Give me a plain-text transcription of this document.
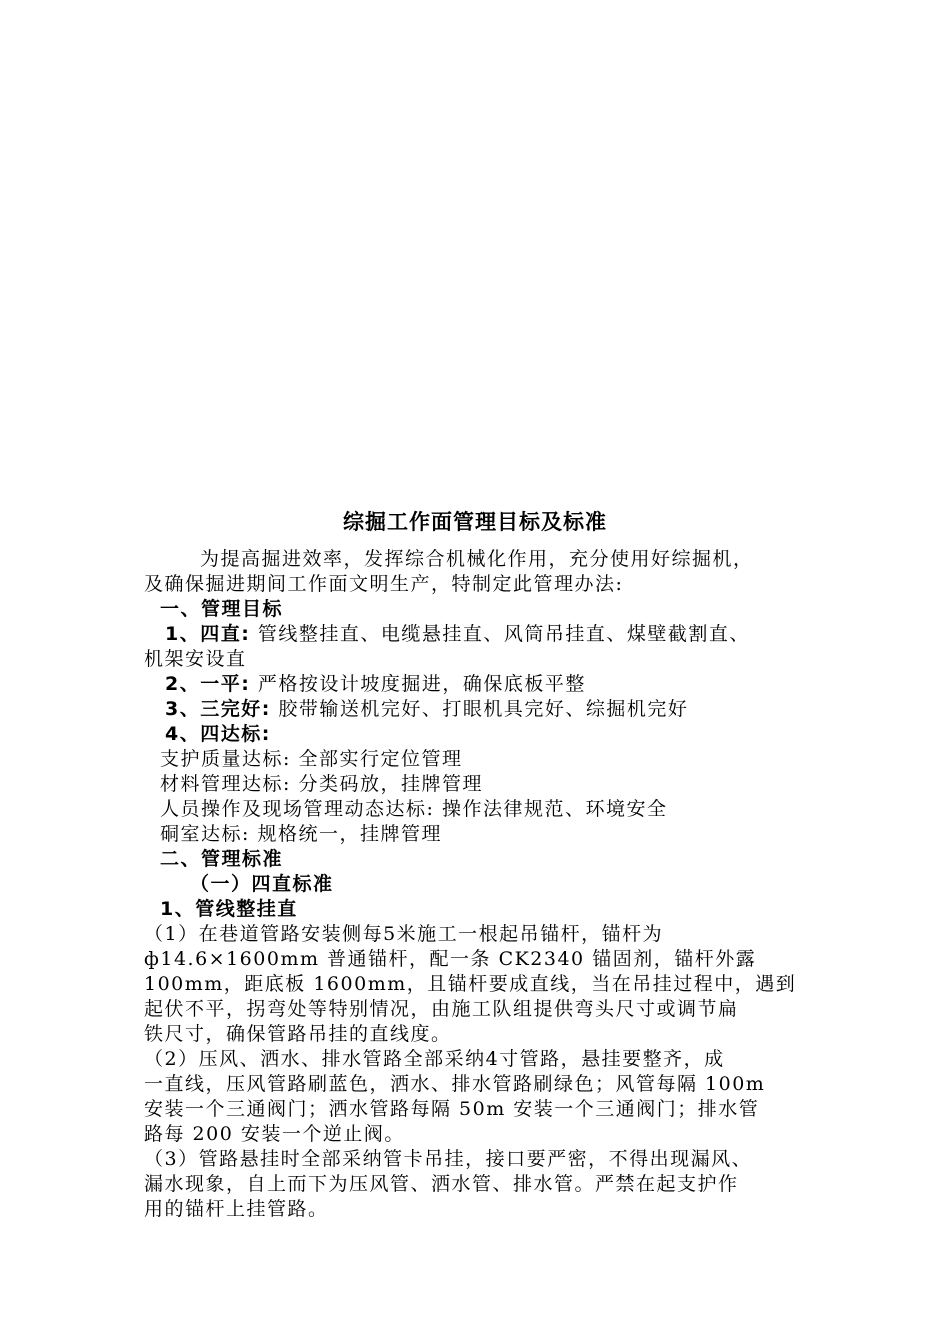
综掘工作面管理目标及标准
为提高掘进效率，发挥综合机械化作用，充分使用好综掘机，
及确保掘进期间工作面文明生产，特制定此管理办法:
一、管理目标
1、四直: 管线整挂直、电缆悬挂直、风筒吊挂直、煤壁截割直、
机架安设直
2、一平: 严格按设计坡度掘进，确保底板平整
3、三完好: 胶带输送机完好、打眼机具完好、综掘机完好
4、四达标:
支护质量达标: 全部实行定位管理
材料管理达标: 分类码放，挂牌管理
人员操作及现场管理动态达标: 操作法律规范、环境安全
硐室达标: 规格统一，挂牌管理
二、管理标准
（一）四直标准
1、管线整挂直
（1）在巷道管路安装侧每5米施工一根起吊锚杆，锚杆为
ф14.6×1600mm 普通锚杆，配一条 CK2340 锚固剂，锚杆外露
100mm，距底板 1600mm，且锚杆要成直线，当在吊挂过程中，遇到
起伏不平，拐弯处等特别情况，由施工队组提供弯头尺寸或调节扁
铁尺寸，确保管路吊挂的直线度。
（2）压风、洒水、排水管路全部采纳4寸管路，悬挂要整齐，成
一直线，压风管路刷蓝色，洒水、排水管路刷绿色；风管每隔 100m
安装一个三通阀门；洒水管路每隔 50m 安装一个三通阀门；排水管
路每 200 安装一个逆止阀。
（3）管路悬挂时全部采纳管卡吊挂，接口要严密，不得出现漏风、
漏水现象，自上而下为压风管、洒水管、排水管。严禁在起支护作
用的锚杆上挂管路。
